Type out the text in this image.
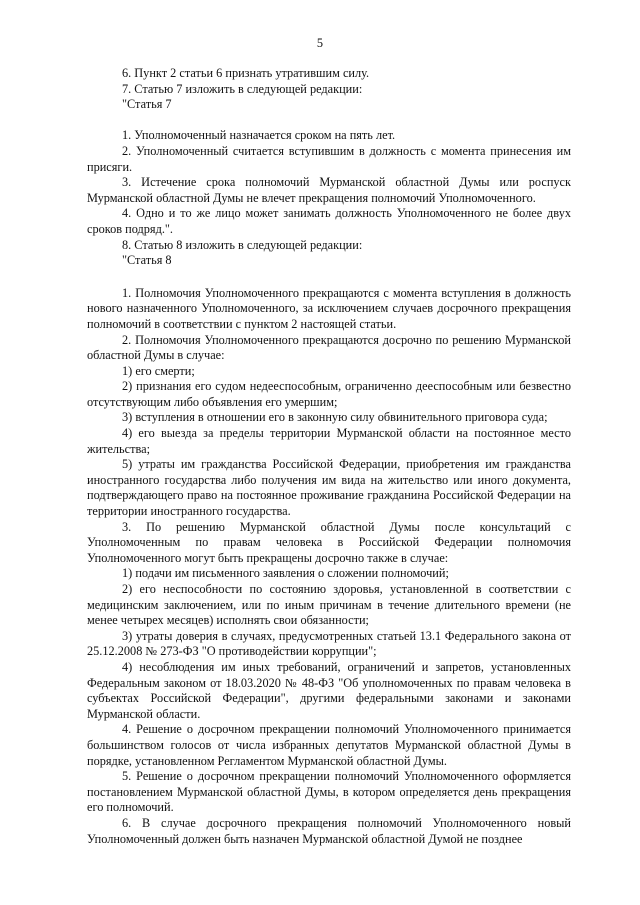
5

6. Пункт 2 статьи 6 признать утратившим силу.

7. Статью 7 изложить в следующей редакции:

"Статья 7

1. Уполномоченный назначается сроком на пять лет.

2. Уполномоченный считается вступившим в должность с момента принесения им присяги.

3. Истечение срока полномочий Мурманской областной Думы или роспуск Мурманской областной Думы не влечет прекращения полномочий Уполномоченного.

4. Одно и то же лицо может занимать должность Уполномоченного не более двух сроков подряд.".

8. Статью 8 изложить в следующей редакции:

"Статья 8

1. Полномочия Уполномоченного прекращаются с момента вступления в должность нового назначенного Уполномоченного, за исключением случаев досрочного прекращения полномочий в соответствии с пунктом 2 настоящей статьи.

2. Полномочия Уполномоченного прекращаются досрочно по решению Мурманской областной Думы в случае:

1) его смерти;

2) признания его судом недееспособным, ограниченно дееспособным или безвестно отсутствующим либо объявления его умершим;

3) вступления в отношении его в законную силу обвинительного приговора суда;

4) его выезда за пределы территории Мурманской области на постоянное место жительства;

5) утраты им гражданства Российской Федерации, приобретения им гражданства иностранного государства либо получения им вида на жительство или иного документа, подтверждающего право на постоянное проживание гражданина Российской Федерации на территории иностранного государства.

3. По решению Мурманской областной Думы после консультаций с Уполномоченным по правам человека в Российской Федерации полномочия Уполномоченного могут быть прекращены досрочно также в случае:

1) подачи им письменного заявления о сложении полномочий;

2) его неспособности по состоянию здоровья, установленной в соответствии с медицинским заключением, или по иным причинам в течение длительного времени (не менее четырех месяцев) исполнять свои обязанности;

3) утраты доверия в случаях, предусмотренных статьей 13.1 Федерального закона от 25.12.2008 № 273-ФЗ "О противодействии коррупции";

4) несоблюдения им иных требований, ограничений и запретов, установленных Федеральным законом от 18.03.2020 № 48-ФЗ "Об уполномоченных по правам человека в субъектах Российской Федерации", другими федеральными законами и законами Мурманской области.

4. Решение о досрочном прекращении полномочий Уполномоченного принимается большинством голосов от числа избранных депутатов Мурманской областной Думы в порядке, установленном Регламентом Мурманской областной Думы.

5. Решение о досрочном прекращении полномочий Уполномоченного оформляется постановлением Мурманской областной Думы, в котором определяется день прекращения его полномочий.

6. В случае досрочного прекращения полномочий Уполномоченного новый Уполномоченный должен быть назначен Мурманской областной Думой не позднее
